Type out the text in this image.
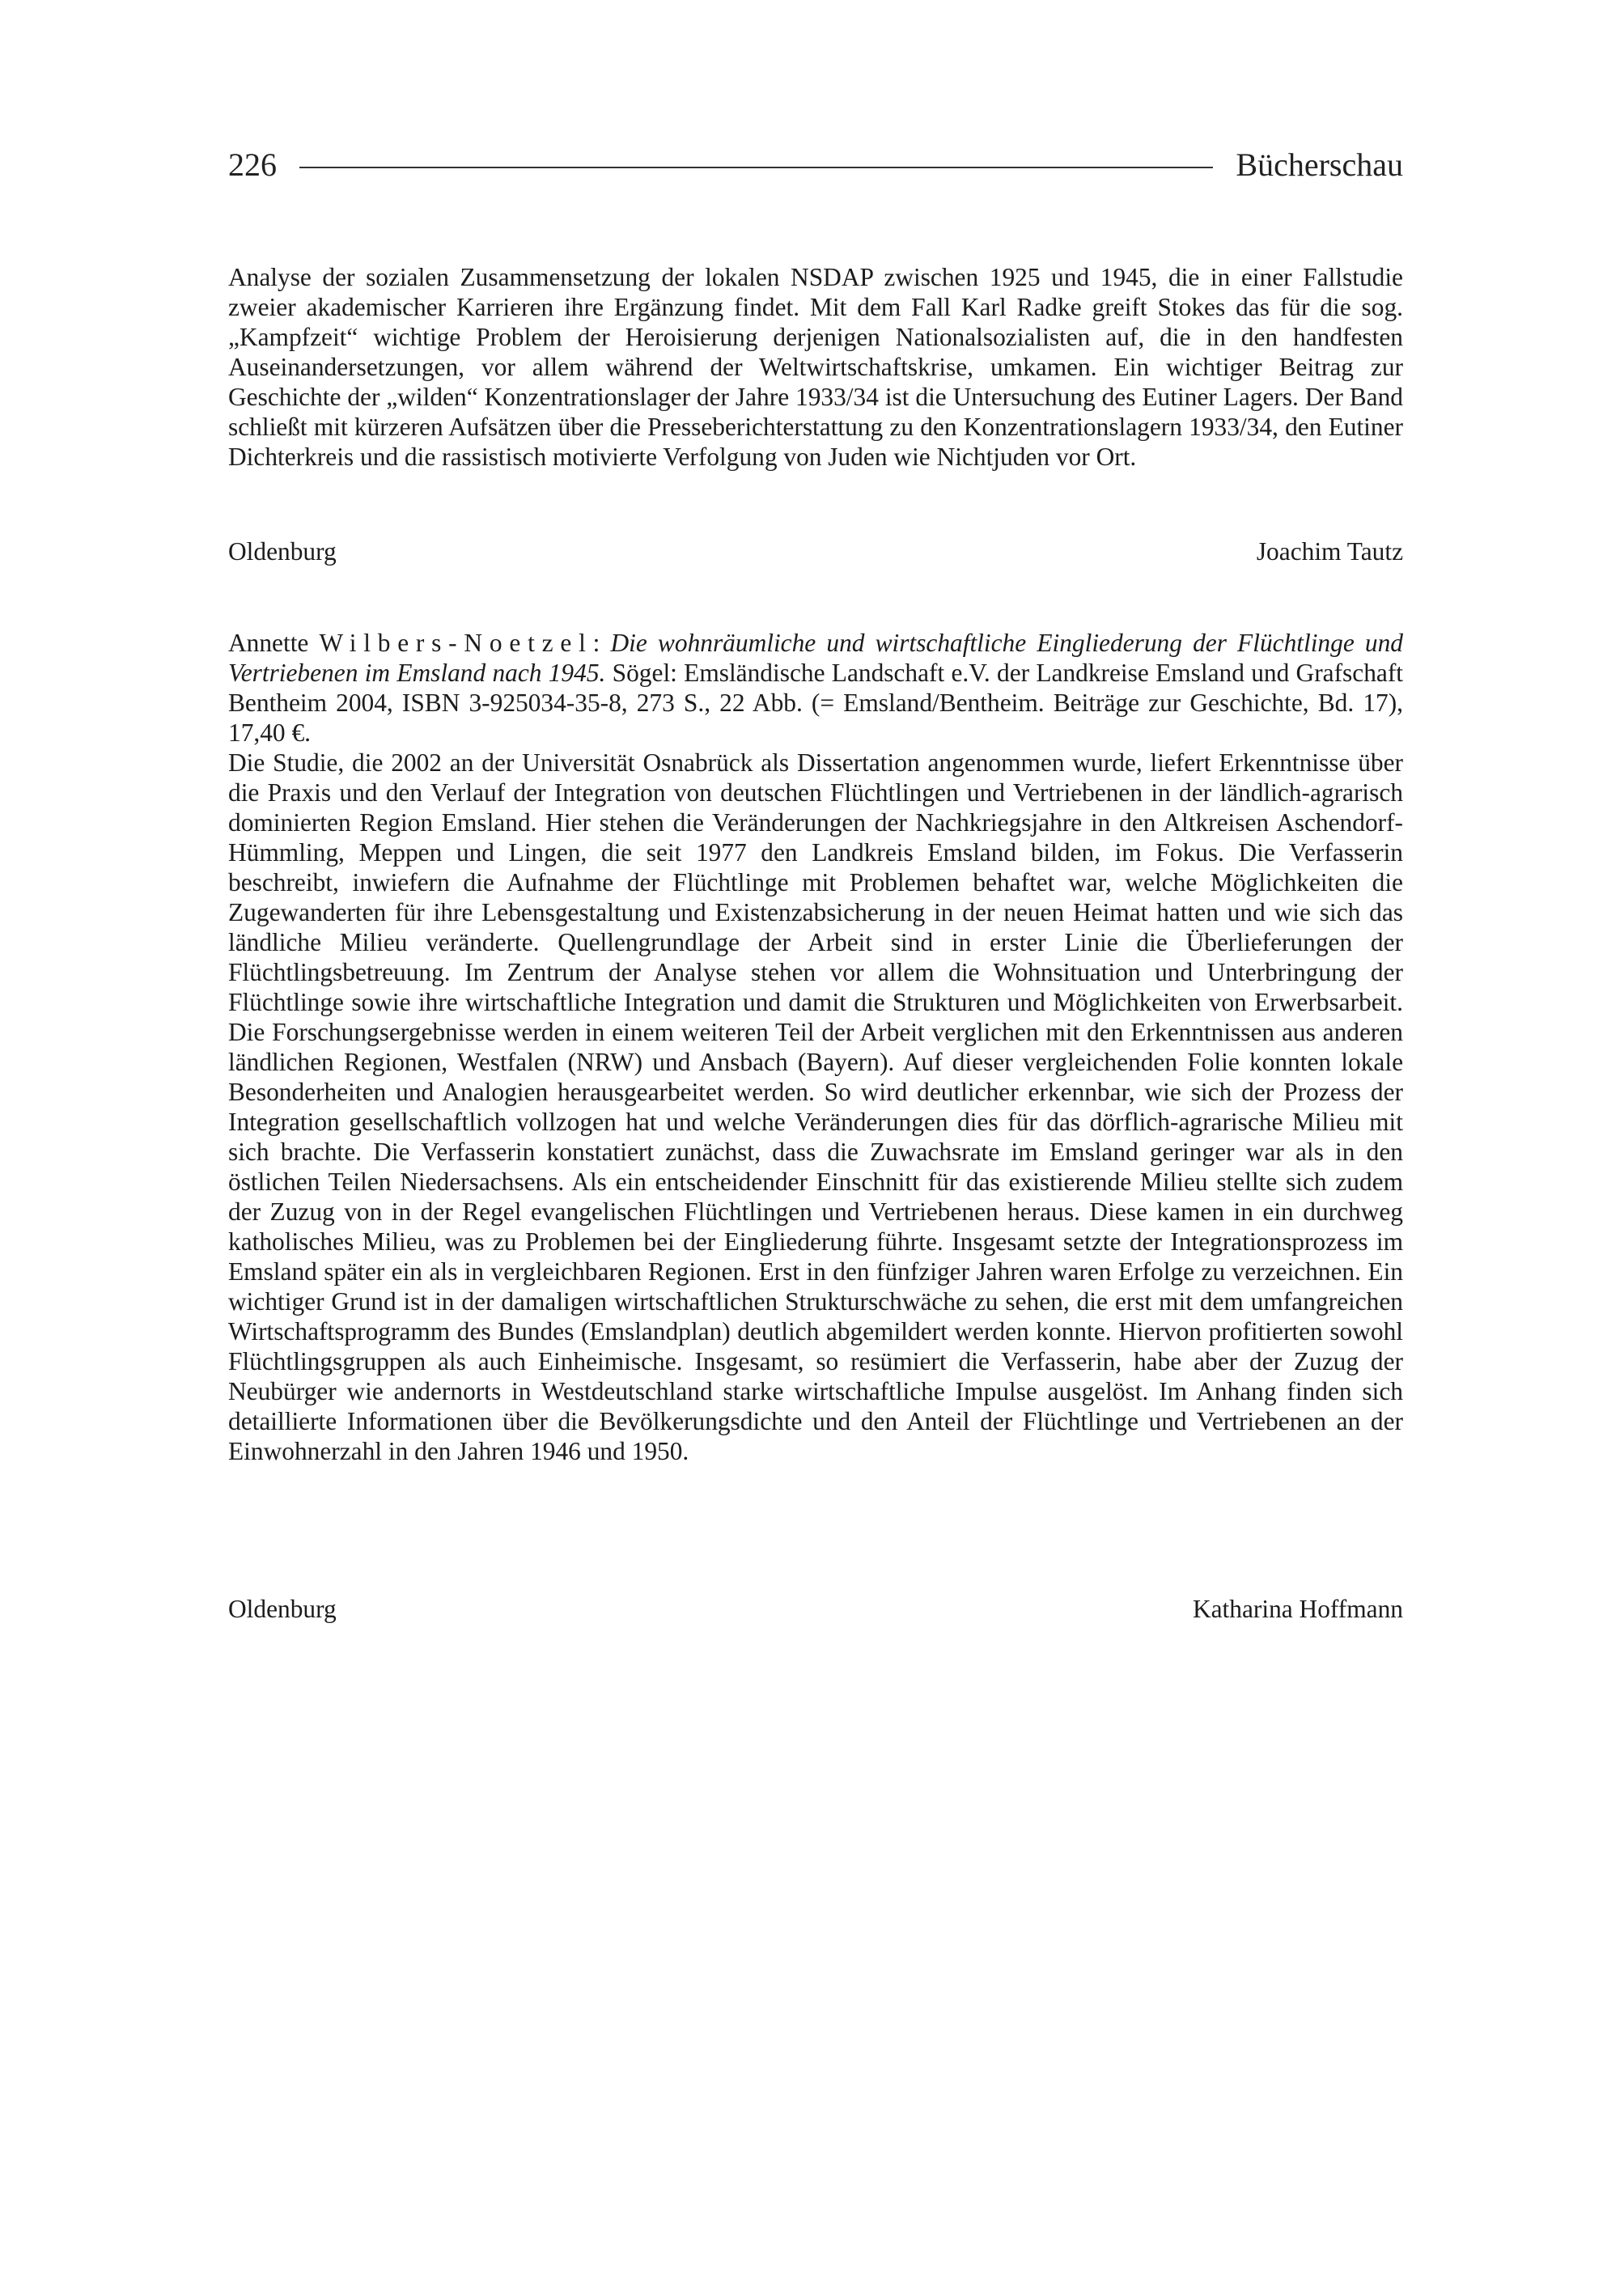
226	Bücherschau

Analyse der sozialen Zusammensetzung der lokalen NSDAP zwischen 1925 und 1945, die in einer Fallstudie zweier akademischer Karrieren ihre Ergänzung findet. Mit dem Fall Karl Radke greift Stokes das für die sog. „Kampfzeit“ wichtige Problem der Heroisierung derjenigen Nationalsozialisten auf, die in den handfesten Auseinandersetzungen, vor allem während der Weltwirtschaftskrise, umkamen. Ein wichtiger Beitrag zur Geschichte der „wilden“ Konzentrationslager der Jahre 1933/34 ist die Untersuchung des Eutiner Lagers. Der Band schließt mit kürzeren Aufsätzen über die Presseberichterstattung zu den Konzentrationslagern 1933/34, den Eutiner Dichterkreis und die rassistisch motivierte Verfolgung von Juden wie Nichtjuden vor Ort.

Oldenburg	Joachim Tautz

Annette Wilbers-Noetzel: Die wohnräumliche und wirtschaftliche Eingliederung der Flüchtlinge und Vertriebenen im Emsland nach 1945. Sögel: Emsländische Landschaft e.V. der Landkreise Emsland und Grafschaft Bentheim 2004, ISBN 3-925034-35-8, 273 S., 22 Abb. (= Emsland/Bentheim. Beiträge zur Geschichte, Bd. 17), 17,40 €.

Die Studie, die 2002 an der Universität Osnabrück als Dissertation angenommen wurde, liefert Erkenntnisse über die Praxis und den Verlauf der Integration von deutschen Flüchtlingen und Vertriebenen in der ländlich-agrarisch dominierten Region Emsland. Hier stehen die Veränderungen der Nachkriegsjahre in den Altkreisen Aschendorf-Hümmling, Meppen und Lingen, die seit 1977 den Landkreis Emsland bilden, im Fokus. Die Verfasserin beschreibt, inwiefern die Aufnahme der Flüchtlinge mit Problemen behaftet war, welche Möglichkeiten die Zugewanderten für ihre Lebensgestaltung und Existenzabsicherung in der neuen Heimat hatten und wie sich das ländliche Milieu veränderte. Quellengrundlage der Arbeit sind in erster Linie die Überlieferungen der Flüchtlingsbetreuung. Im Zentrum der Analyse stehen vor allem die Wohnsituation und Unterbringung der Flüchtlinge sowie ihre wirtschaftliche Integration und damit die Strukturen und Möglichkeiten von Erwerbsarbeit. Die Forschungsergebnisse werden in einem weiteren Teil der Arbeit verglichen mit den Erkenntnissen aus anderen ländlichen Regionen, Westfalen (NRW) und Ansbach (Bayern). Auf dieser vergleichenden Folie konnten lokale Besonderheiten und Analogien herausgearbeitet werden. So wird deutlicher erkennbar, wie sich der Prozess der Integration gesellschaftlich vollzogen hat und welche Veränderungen dies für das dörflich-agrarische Milieu mit sich brachte. Die Verfasserin konstatiert zunächst, dass die Zuwachsrate im Emsland geringer war als in den östlichen Teilen Niedersachsens. Als ein entscheidender Einschnitt für das existierende Milieu stellte sich zudem der Zuzug von in der Regel evangelischen Flüchtlingen und Vertriebenen heraus. Diese kamen in ein durchweg katholisches Milieu, was zu Problemen bei der Eingliederung führte. Insgesamt setzte der Integrationsprozess im Emsland später ein als in vergleichbaren Regionen. Erst in den fünfziger Jahren waren Erfolge zu verzeichnen. Ein wichtiger Grund ist in der damaligen wirtschaftlichen Strukturschwäche zu sehen, die erst mit dem umfangreichen Wirtschaftsprogramm des Bundes (Emslandplan) deutlich abgemildert werden konnte. Hiervon profitierten sowohl Flüchtlingsgruppen als auch Einheimische. Insgesamt, so resümiert die Verfasserin, habe aber der Zuzug der Neubürger wie andernorts in Westdeutschland starke wirtschaftliche Impulse ausgelöst. Im Anhang finden sich detaillierte Informationen über die Bevölkerungsdichte und den Anteil der Flüchtlinge und Vertriebenen an der Einwohnerzahl in den Jahren 1946 und 1950.

Oldenburg	Katharina Hoffmann
